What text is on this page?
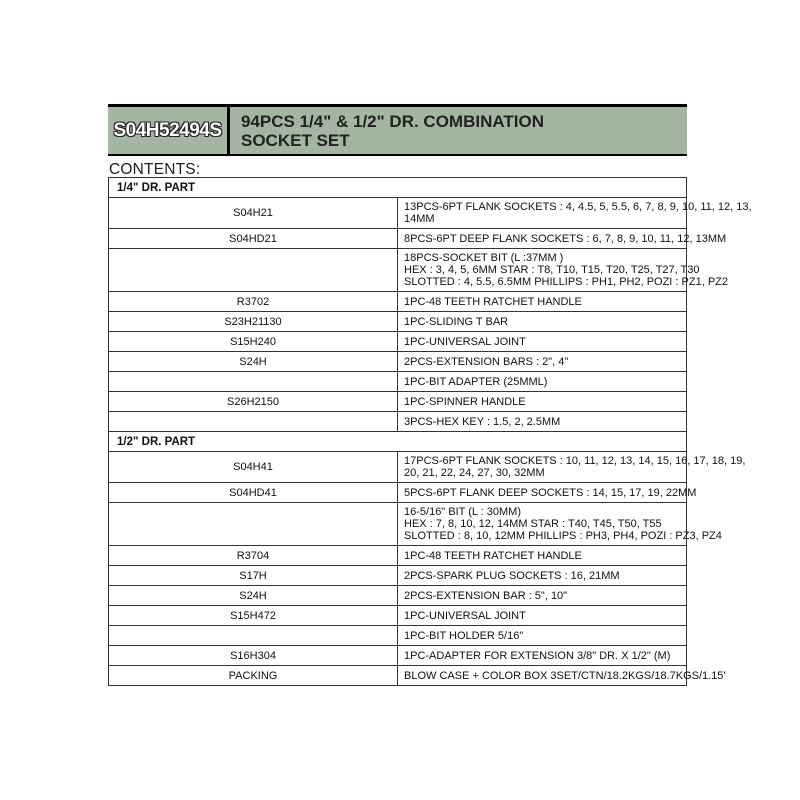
S04H52494S 94PCS 1/4" & 1/2" DR. COMBINATION
SOCKET SET
CONTENTS:
1/4" DR. PART	
S04H21	13PCS-6PT FLANK SOCKETS : 4, 4.5, 5, 5.5, 6, 7, 8, 9, 10, 11, 12, 13,
14MM

S04HD21	8PCS-6PT DEEP FLANK SOCKETS : 6, 7, 8, 9, 10, 11, 12, 13MM

	18PCS-SOCKET BIT (L :37MM )
HEX : 3, 4, 5, 6MM STAR : T8, T10, T15, T20, T25, T27, T30
SLOTTED : 4, 5.5, 6.5MM PHILLIPS : PH1, PH2, POZI : PZ1, PZ2

R3702	1PC-48 TEETH RATCHET HANDLE

S23H21130	1PC-SLIDING T BAR

S15H240	1PC-UNIVERSAL JOINT

S24H	2PCS-EXTENSION BARS : 2", 4"

	1PC-BIT ADAPTER (25MML)

S26H2150	1PC-SPINNER HANDLE

	3PCS-HEX KEY : 1.5, 2, 2.5MM

1/2" DR. PART	
S04H41	17PCS-6PT FLANK SOCKETS : 10, 11, 12, 13, 14, 15, 16, 17, 18, 19,
20, 21, 22, 24, 27, 30, 32MM

S04HD41	5PCS-6PT FLANK DEEP SOCKETS : 14, 15, 17, 19, 22MM

	16-5/16" BIT (L : 30MM)
HEX : 7, 8, 10, 12, 14MM STAR : T40, T45, T50, T55
SLOTTED : 8, 10, 12MM PHILLIPS : PH3, PH4, POZI : PZ3, PZ4

R3704	1PC-48 TEETH RATCHET HANDLE

S17H	2PCS-SPARK PLUG SOCKETS : 16, 21MM

S24H	2PCS-EXTENSION BAR : 5", 10"

S15H472	1PC-UNIVERSAL JOINT

	1PC-BIT HOLDER 5/16"

S16H304	1PC-ADAPTER FOR EXTENSION 3/8" DR. X 1/2" (M)

PACKING	BLOW CASE + COLOR BOX 3SET/CTN/18.2KGS/18.7KGS/1.15'
